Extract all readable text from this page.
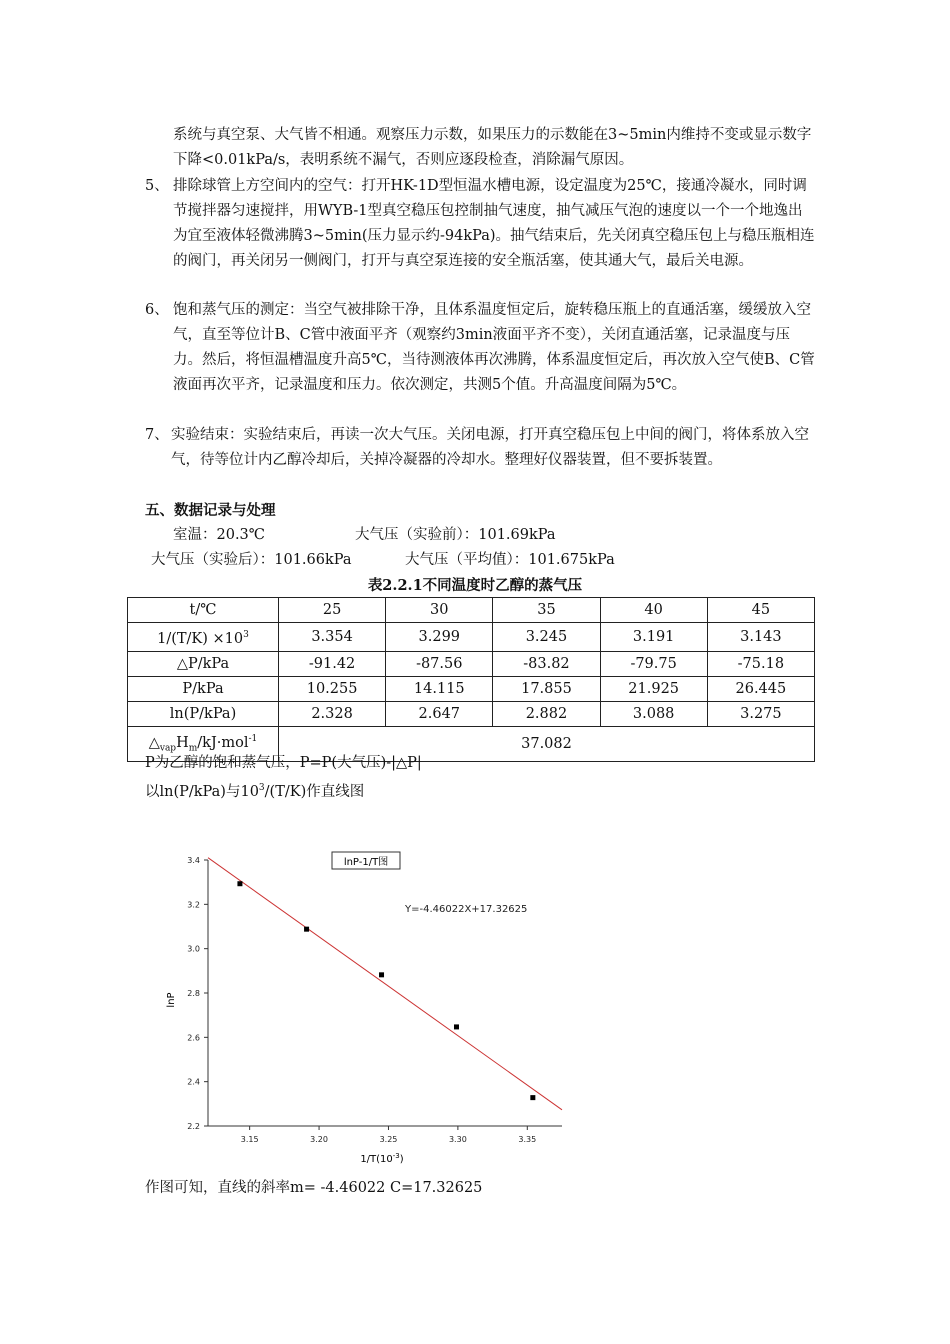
系统与真空泵、大气皆不相通。观察压力示数，如果压力的示数能在3~5min内维持不变或显示数字下降<0.01kPa/s，表明系统不漏气，否则应逐段检查，消除漏气原因。
5、 排除球管上方空间内的空气：打开HK-1D型恒温水槽电源，设定温度为25℃，接通冷凝水，同时调节搅拌器匀速搅拌，用WYB-1型真空稳压包控制抽气速度，抽气减压气泡的速度以一个一个地逸出为宜至液体轻微沸腾3~5min(压力显示约-94kPa)。抽气结束后，先关闭真空稳压包上与稳压瓶相连的阀门，再关闭另一侧阀门，打开与真空泵连接的安全瓶活塞，使其通大气，最后关电源。
6、 饱和蒸气压的测定：当空气被排除干净，且体系温度恒定后，旋转稳压瓶上的直通活塞，缓缓放入空气，直至等位计B、C管中液面平齐（观察约3min液面平齐不变），关闭直通活塞，记录温度与压力。然后，将恒温槽温度升高5℃，当待测液体再次沸腾，体系温度恒定后，再次放入空气使B、C管液面再次平齐，记录温度和压力。依次测定，共测5个值。升高温度间隔为5℃。
7、 实验结束：实验结束后，再读一次大气压。关闭电源，打开真空稳压包上中间的阀门，将体系放入空气，待等位计内乙醇冷却后，关掉冷凝器的冷却水。整理好仪器装置，但不要拆装置。
五、数据记录与处理
室温：20.3℃	大气压（实验前）：101.69kPa
大气压（实验后）：101.66kPa	大气压（平均值）：101.675kPa
表2.2.1不同温度时乙醇的蒸气压
t/℃	25	30	35	40	45
$1/(T/K) \times 10^3$	3.354	3.299	3.245	3.191	3.143
△P/kPa	-91.42	-87.56	-83.82	-79.75	-75.18
P/kPa	10.255	14.115	17.855	21.925	26.445
ln(P/kPa)	2.328	2.647	2.882	3.088	3.275
$\triangle_{vap}H_m/kJ\cdot mol^{-1}$	37.082				
P为乙醇的饱和蒸气压，P=P(大气压)-|△P|
以ln(P/kPa)与$10^3/(T/K)$作直线图
3.15	3.20	3.25	3.30	3.35
2.2
2.4
2.6
2.8
3.0
3.2
3.4	lnP-1/T图
Y=-4.46022X+17.32625
lnP
$1/T(10^{-3})$
作图可知，直线的斜率m= -4.46022 C=17.32625
